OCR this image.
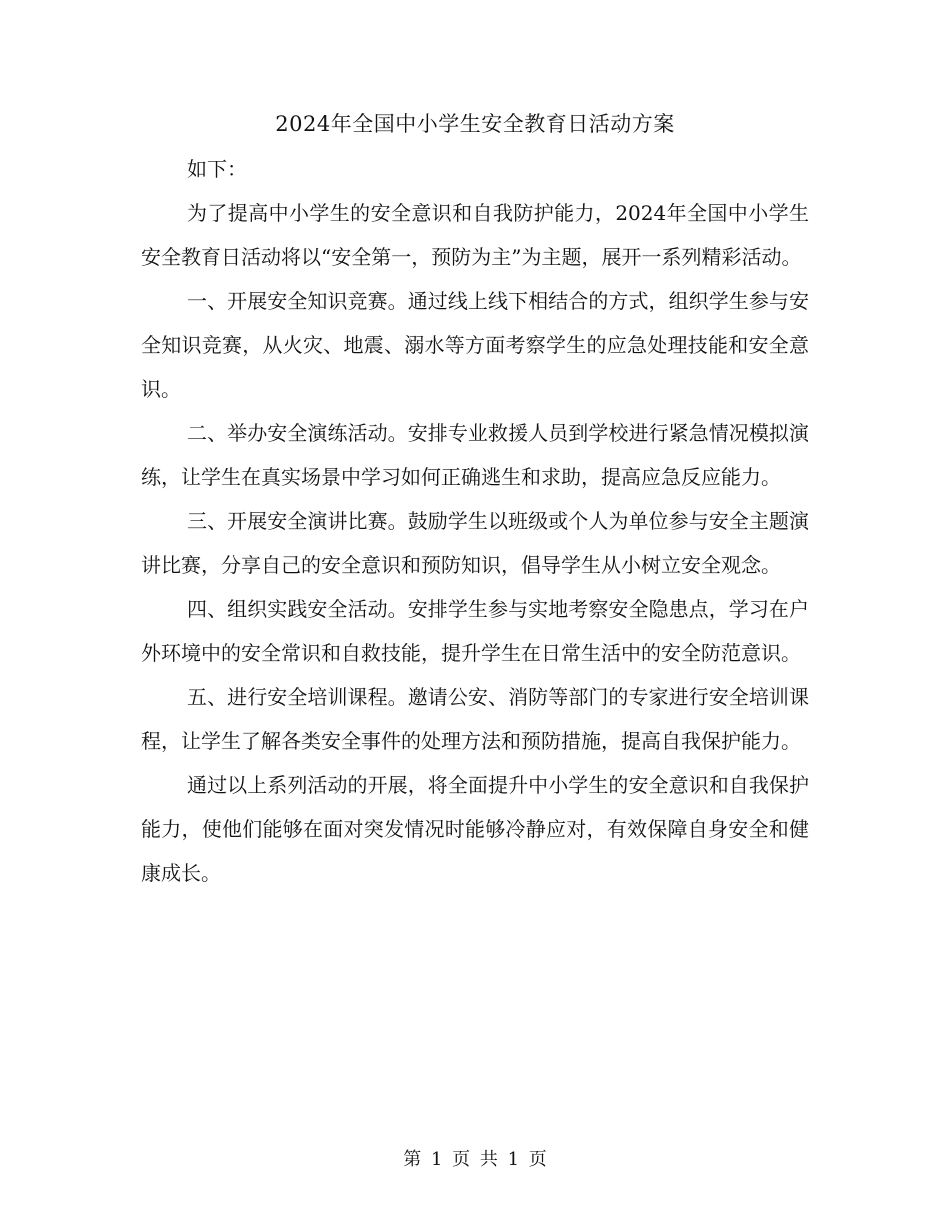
2024年全国中小学生安全教育日活动方案

如下：

为了提高中小学生的安全意识和自我防护能力，2024年全国中小学生安全教育日活动将以“安全第一，预防为主”为主题，展开一系列精彩活动。

一、开展安全知识竞赛。通过线上线下相结合的方式，组织学生参与安全知识竞赛，从火灾、地震、溺水等方面考察学生的应急处理技能和安全意识。

二、举办安全演练活动。安排专业救援人员到学校进行紧急情况模拟演练，让学生在真实场景中学习如何正确逃生和求助，提高应急反应能力。

三、开展安全演讲比赛。鼓励学生以班级或个人为单位参与安全主题演讲比赛，分享自己的安全意识和预防知识，倡导学生从小树立安全观念。

四、组织实践安全活动。安排学生参与实地考察安全隐患点，学习在户外环境中的安全常识和自救技能，提升学生在日常生活中的安全防范意识。

五、进行安全培训课程。邀请公安、消防等部门的专家进行安全培训课程，让学生了解各类安全事件的处理方法和预防措施，提高自我保护能力。

通过以上系列活动的开展，将全面提升中小学生的安全意识和自我保护能力，使他们能够在面对突发情况时能够冷静应对，有效保障自身安全和健康成长。

第 1 页 共 1 页
